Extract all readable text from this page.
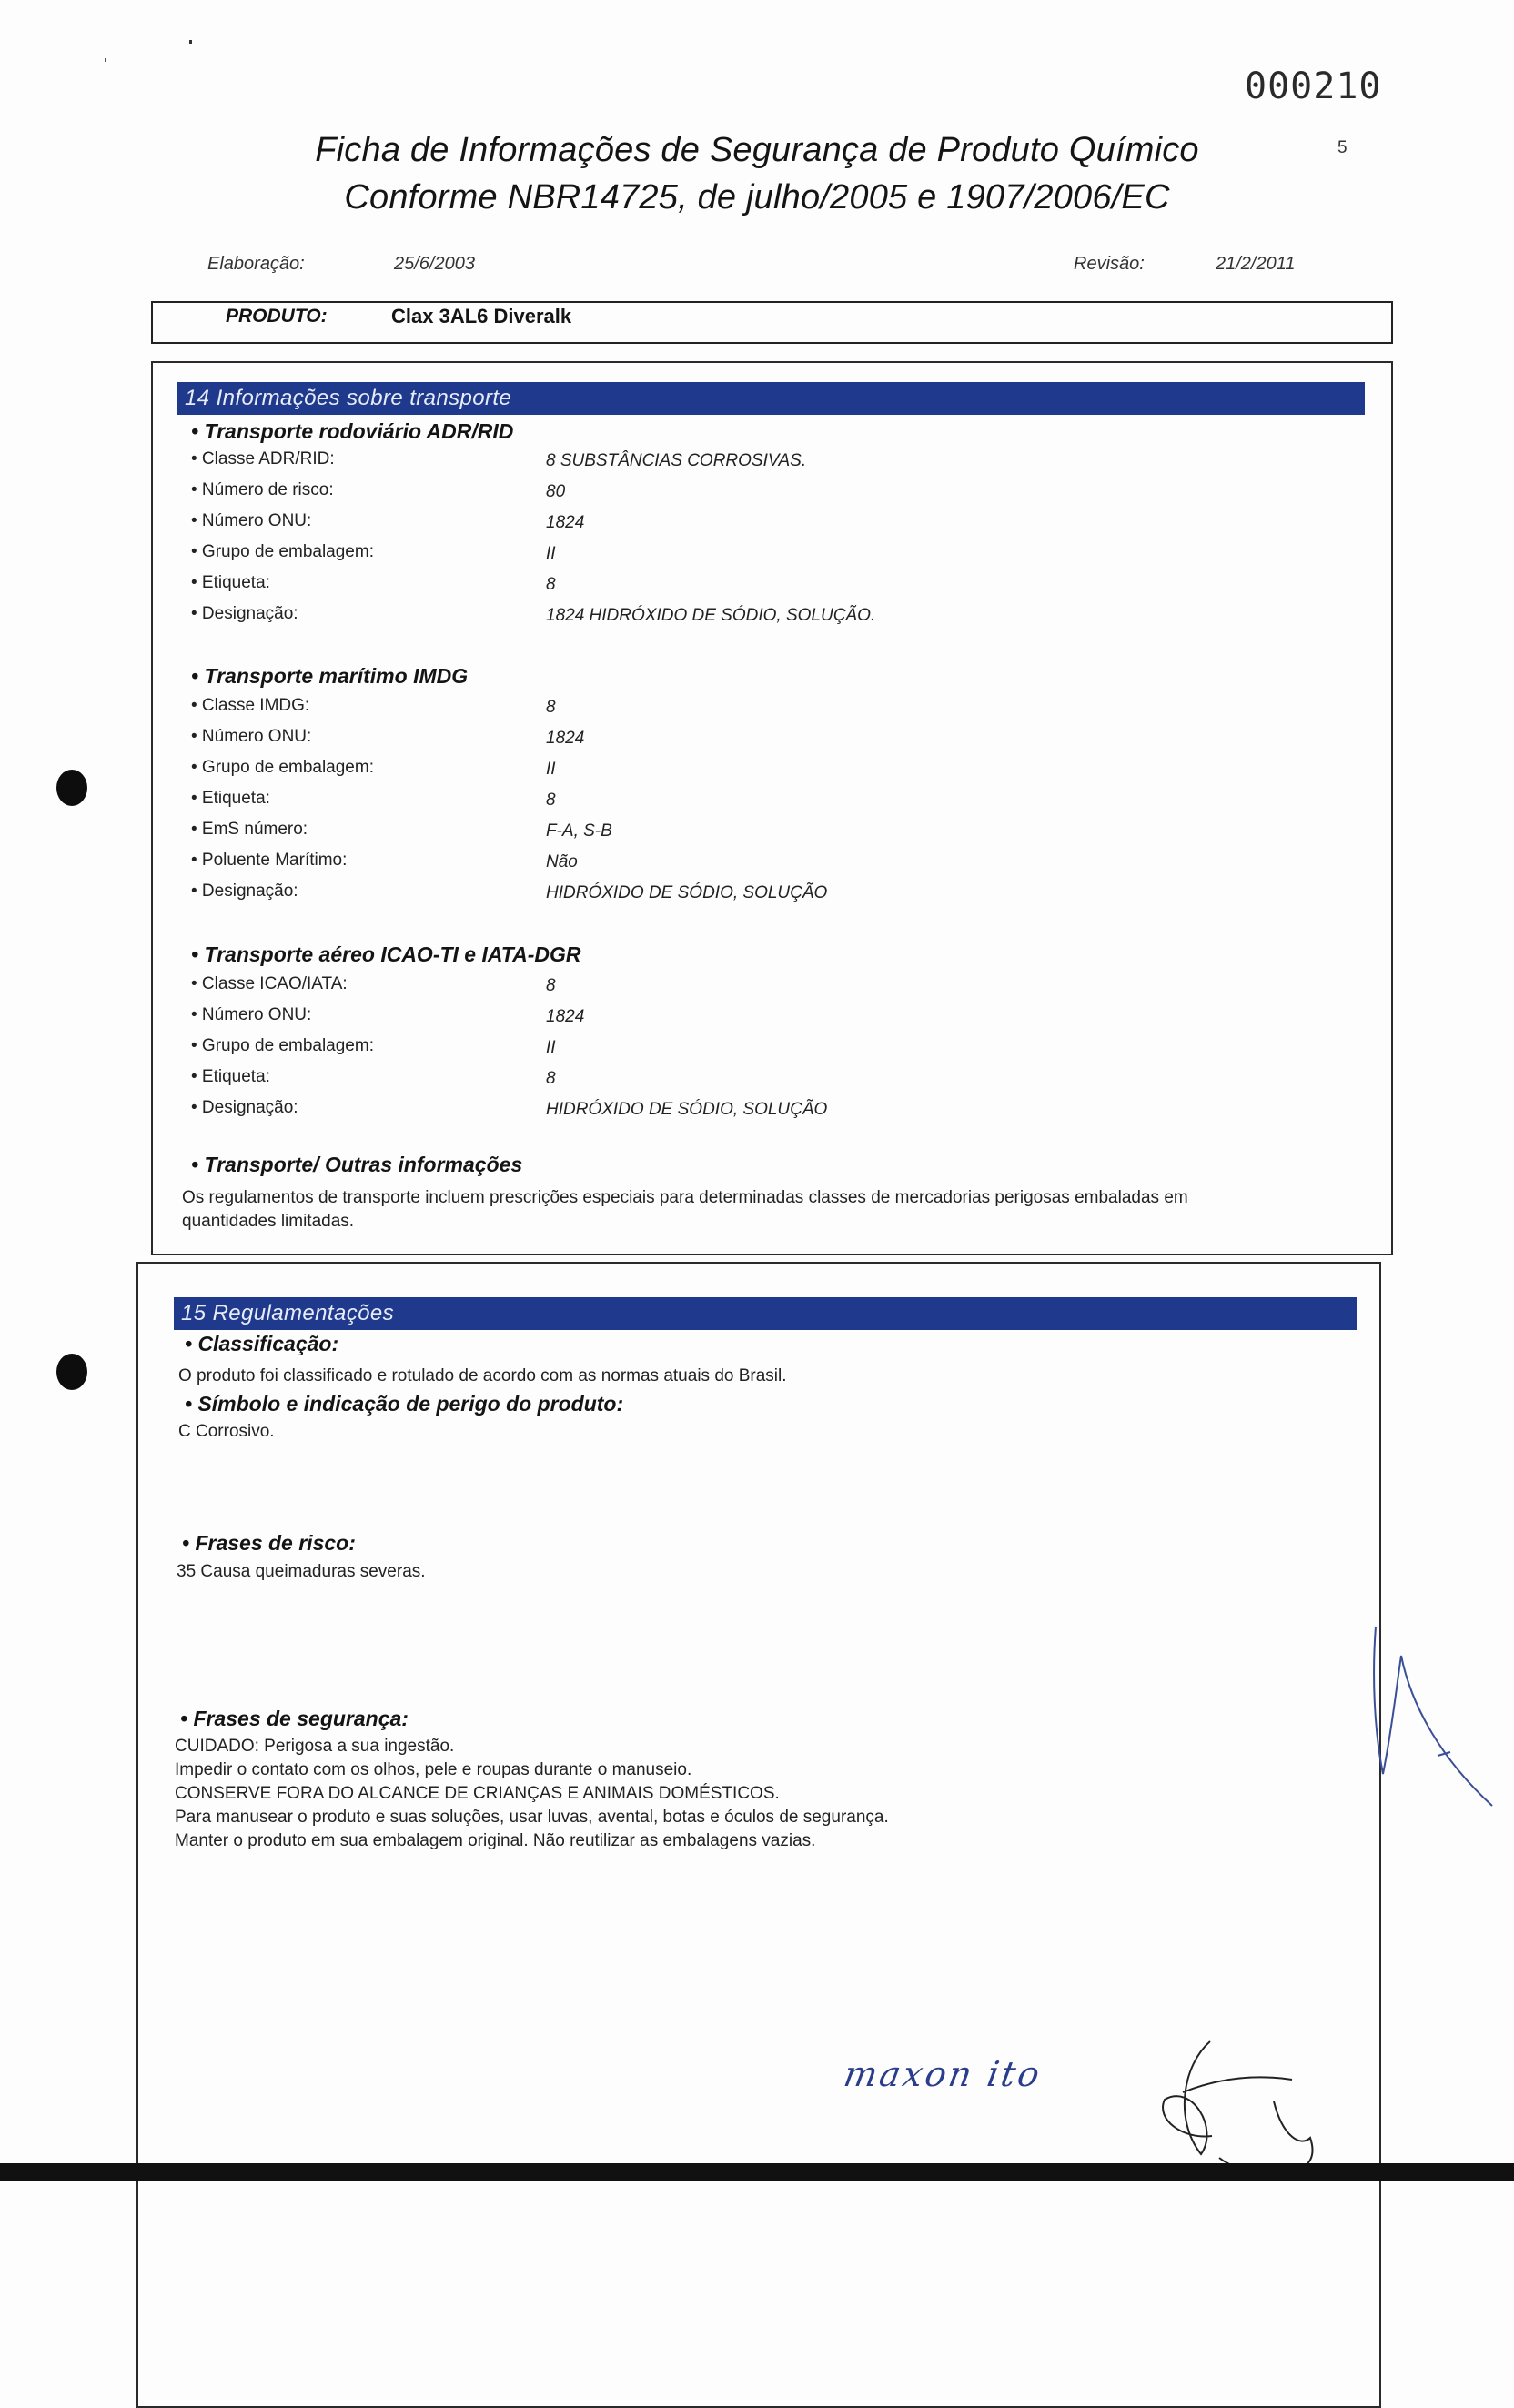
000210
5
Ficha de Informações de Segurança de Produto Químico
Conforme NBR14725, de julho/2005 e 1907/2006/EC
Elaboração:	25/6/2003	Revisão:	21/2/2011
PRODUTO:	Clax 3AL6 Diveralk
14 Informações sobre transporte
• Transporte rodoviário ADR/RID
• Classe ADR/RID:	8 SUBSTÂNCIAS CORROSIVAS.
• Número de risco:	80
• Número ONU:	1824
• Grupo de embalagem:	II
• Etiqueta:	8
• Designação:	1824 HIDRÓXIDO DE SÓDIO, SOLUÇÃO.
• Transporte marítimo IMDG
• Classe IMDG:	8
• Número ONU:	1824
• Grupo de embalagem:	II
• Etiqueta:	8
• EmS número:	F-A, S-B
• Poluente Marítimo:	Não
• Designação:	HIDRÓXIDO DE SÓDIO, SOLUÇÃO
• Transporte aéreo ICAO-TI e IATA-DGR
• Classe ICAO/IATA:	8
• Número ONU:	1824
• Grupo de embalagem:	II
• Etiqueta:	8
• Designação:	HIDRÓXIDO DE SÓDIO, SOLUÇÃO
• Transporte/ Outras informações
Os regulamentos de transporte incluem prescrições especiais para determinadas classes de mercadorias perigosas embaladas em
quantidades limitadas.
15 Regulamentações
• Classificação:
O produto foi classificado e rotulado de acordo com as normas atuais do Brasil.
• Símbolo e indicação de perigo do produto:
C Corrosivo.
• Frases de risco:
35 Causa queimaduras severas.
• Frases de segurança:
CUIDADO: Perigosa a sua ingestão.
Impedir o contato com os olhos, pele e roupas durante o manuseio.
CONSERVE FORA DO ALCANCE DE CRIANÇAS E ANIMAIS DOMÉSTICOS.
Para manusear o produto e suas soluções, usar luvas, avental, botas e óculos de segurança.
Manter o produto em sua embalagem original. Não reutilizar as embalagens vazias.
maxon ito
